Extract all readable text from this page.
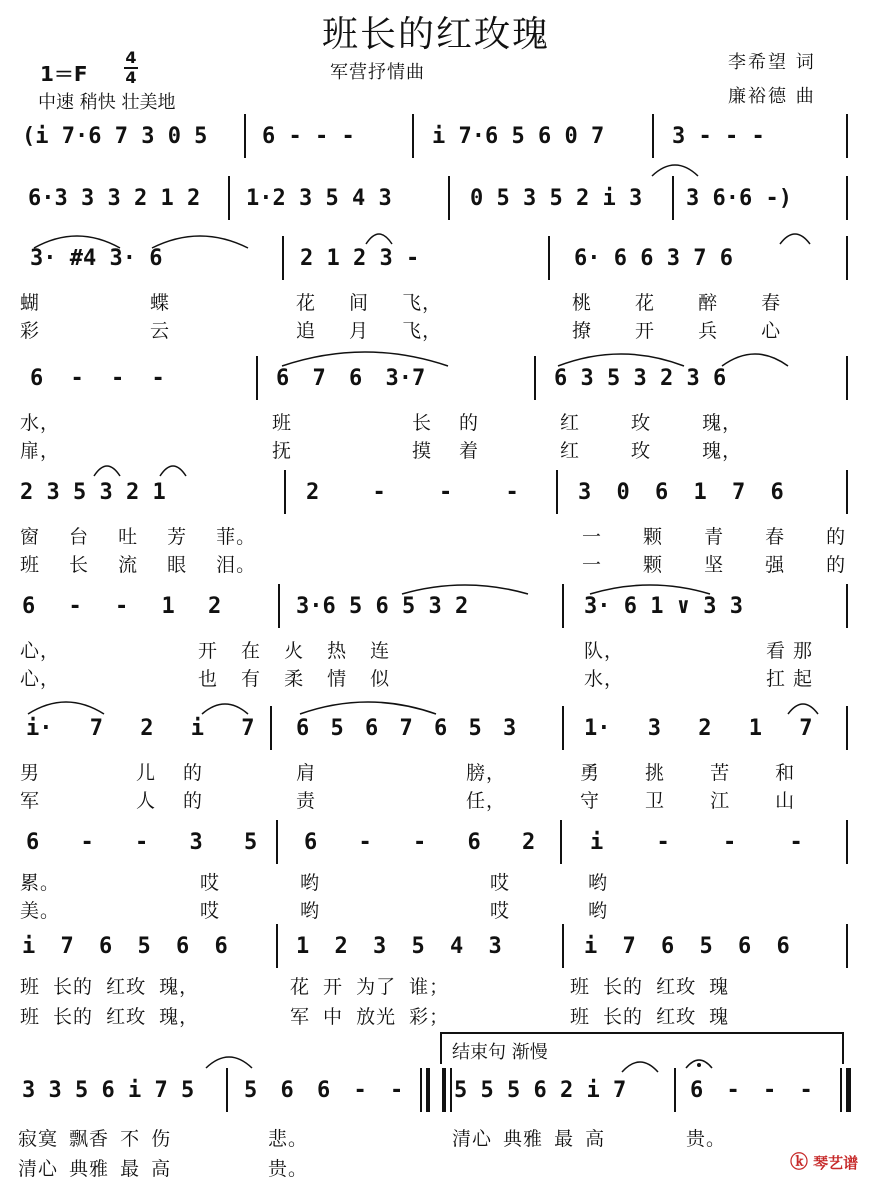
班长的红玫瑰
军营抒情曲
1＝F
4
4
中速 稍快 壮美地
李希望 词
廉裕德 曲
(i 7·6 7 3 0 5 6 - - -	i 7·6 5 6 0 7	3 - - -
6·3 3 3 2 1 2 1·2 3 5 4 3	0 5 3 5 2 i 3 3 6·6 -)
3· #4 3· 6	2 1 2 3 -	6· 6 6 3 7 6
蝴	蝶	花 间 飞，	桃 花 醉 春
彩	云	追 月 飞，	撩 开 兵 心
6 - - -	6 7 6 3·7	6 3 5 3 2 3 6
水，	班	长 的	红 玫 瑰，
扉，	抚	摸 着	红 玫 瑰，
2 3 5 3 2 1	2 - - -	3 0 6 1 7 6
窗 台 吐 芳 菲。	一 颗 青 春 的
班 长 流 眼 泪。	一 颗 坚 强 的
6 - - 1 2	3·6 5 6 5 3 2	3· 6 1 ∨ 3 3
心，	开 在 火 热 连	队，	看 那
心，	也 有 柔 情 似	水，	扛 起
i· 7 2 i 7 6 5 6 7 6 5 3	1· 3 2 1 7
男	儿 的	肩	膀，	勇 挑 苦 和
军	人 的	责	任，	守 卫 江 山
6 - - 3 5 6 - - 6 2 i - - -
累。	哎	哟	哎	哟
美。	哎	哟	哎	哟
i 7 6 5 6 6	1 2 3 5 4 3	i 7 6 5 6 6
班 长的 红玫 瑰，	花 开 为了 谁；	班 长的 红玫 瑰
班 长的 红玫 瑰，	军 中 放光 彩；	班 长的 红玫 瑰
结束句 渐慢
3 3 5 6 i 7 5 5 6 6 - - 5 5 5 6 2 i 7	6 - - -
寂寞 飘香 不 伤	悲。	清心 典雅 最 高	贵。
清心 典雅 最 高	贵。	ⓚ 琴艺谱
